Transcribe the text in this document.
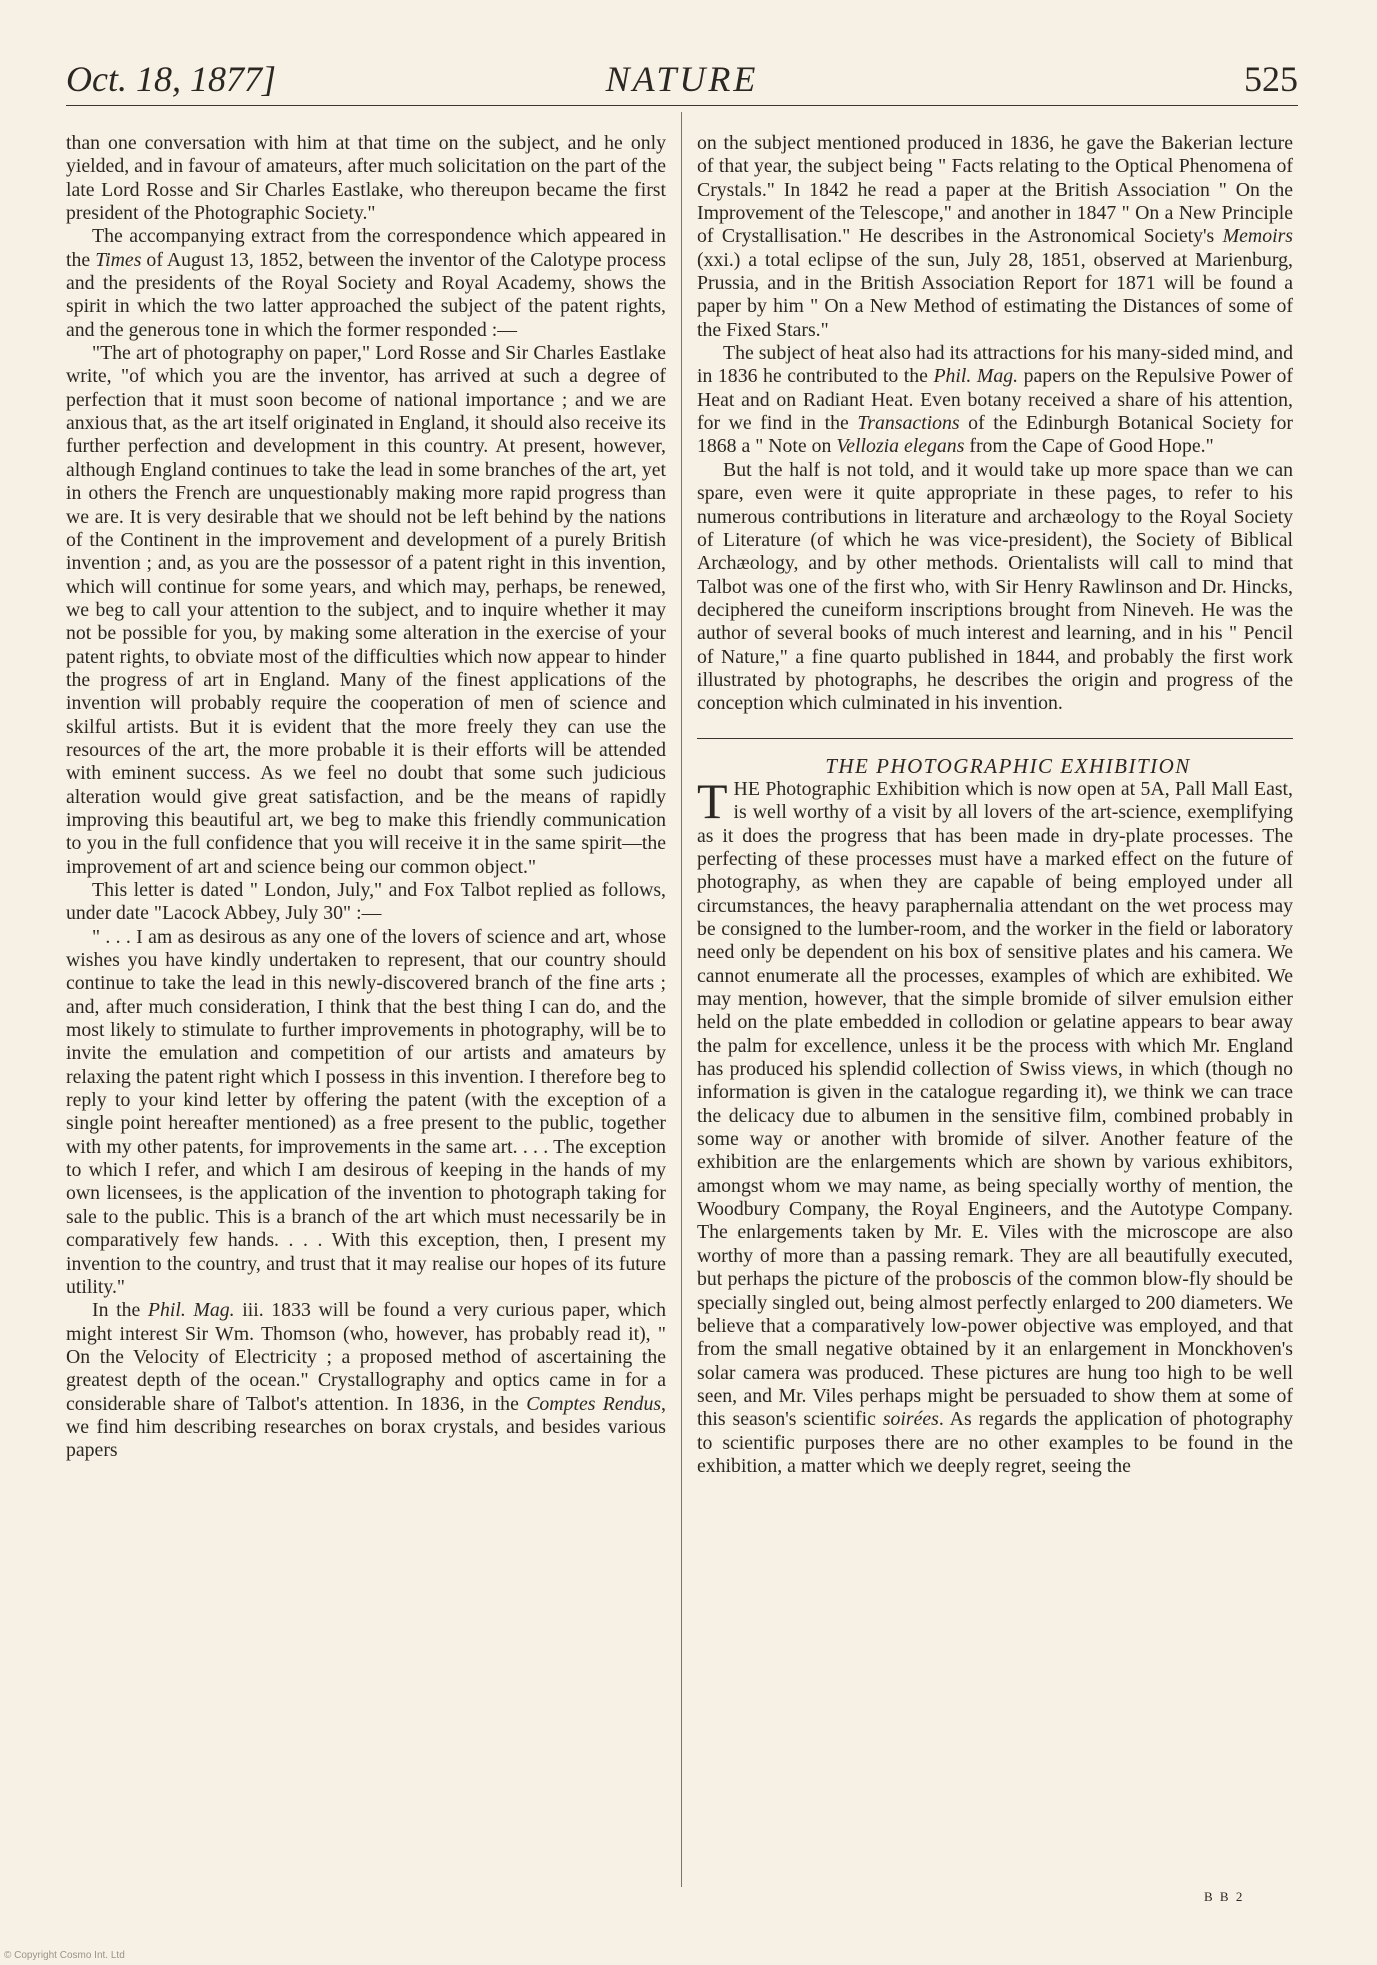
Oct. 18, 1877]	NATURE	525

than one conversation with him at that time on the subject, and he only yielded, and in favour of amateurs, after much solicitation on the part of the late Lord Rosse and Sir Charles Eastlake, who thereupon became the first president of the Photographic Society."

The accompanying extract from the correspondence which appeared in the Times of August 13, 1852, between the inventor of the Calotype process and the presidents of the Royal Society and Royal Academy, shows the spirit in which the two latter approached the subject of the patent rights, and the generous tone in which the former responded :—

"The art of photography on paper," Lord Rosse and Sir Charles Eastlake write, "of which you are the inventor, has arrived at such a degree of perfection that it must soon become of national importance ; and we are anxious that, as the art itself originated in England, it should also receive its further perfection and development in this country. At present, however, although England continues to take the lead in some branches of the art, yet in others the French are unquestionably making more rapid progress than we are. It is very desirable that we should not be left behind by the nations of the Continent in the improvement and development of a purely British invention ; and, as you are the possessor of a patent right in this invention, which will continue for some years, and which may, perhaps, be renewed, we beg to call your attention to the subject, and to inquire whether it may not be possible for you, by making some alteration in the exercise of your patent rights, to obviate most of the difficulties which now appear to hinder the progress of art in England. Many of the finest applications of the invention will probably require the cooperation of men of science and skilful artists. But it is evident that the more freely they can use the resources of the art, the more probable it is their efforts will be attended with eminent success. As we feel no doubt that some such judicious alteration would give great satisfaction, and be the means of rapidly improving this beautiful art, we beg to make this friendly communication to you in the full confidence that you will receive it in the same spirit—the improvement of art and science being our common object."

This letter is dated " London, July," and Fox Talbot replied as follows, under date "Lacock Abbey, July 30" :—

" . . . I am as desirous as any one of the lovers of science and art, whose wishes you have kindly undertaken to represent, that our country should continue to take the lead in this newly-discovered branch of the fine arts ; and, after much consideration, I think that the best thing I can do, and the most likely to stimulate to further improvements in photography, will be to invite the emulation and competition of our artists and amateurs by relaxing the patent right which I possess in this invention. I therefore beg to reply to your kind letter by offering the patent (with the exception of a single point hereafter mentioned) as a free present to the public, together with my other patents, for improvements in the same art. . . . The exception to which I refer, and which I am desirous of keeping in the hands of my own licensees, is the application of the invention to photograph taking for sale to the public. This is a branch of the art which must necessarily be in comparatively few hands. . . . With this exception, then, I present my invention to the country, and trust that it may realise our hopes of its future utility."

In the Phil. Mag. iii. 1833 will be found a very curious paper, which might interest Sir Wm. Thomson (who, however, has probably read it), " On the Velocity of Electricity ; a proposed method of ascertaining the greatest depth of the ocean." Crystallography and optics came in for a considerable share of Talbot's attention. In 1836, in the Comptes Rendus, we find him describing researches on borax crystals, and besides various papers

on the subject mentioned produced in 1836, he gave the Bakerian lecture of that year, the subject being " Facts relating to the Optical Phenomena of Crystals." In 1842 he read a paper at the British Association " On the Improvement of the Telescope," and another in 1847 " On a New Principle of Crystallisation." He describes in the Astronomical Society's Memoirs (xxi.) a total eclipse of the sun, July 28, 1851, observed at Marienburg, Prussia, and in the British Association Report for 1871 will be found a paper by him " On a New Method of estimating the Distances of some of the Fixed Stars."

The subject of heat also had its attractions for his many-sided mind, and in 1836 he contributed to the Phil. Mag. papers on the Repulsive Power of Heat and on Radiant Heat. Even botany received a share of his attention, for we find in the Transactions of the Edinburgh Botanical Society for 1868 a " Note on Vellozia elegans from the Cape of Good Hope."

But the half is not told, and it would take up more space than we can spare, even were it quite appropriate in these pages, to refer to his numerous contributions in literature and archæology to the Royal Society of Literature (of which he was vice-president), the Society of Biblical Archæology, and by other methods. Orientalists will call to mind that Talbot was one of the first who, with Sir Henry Rawlinson and Dr. Hincks, deciphered the cuneiform inscriptions brought from Nineveh. He was the author of several books of much interest and learning, and in his " Pencil of Nature," a fine quarto published in 1844, and probably the first work illustrated by photographs, he describes the origin and progress of the conception which culminated in his invention.

THE PHOTOGRAPHIC EXHIBITION

THE Photographic Exhibition which is now open at 5A, Pall Mall East, is well worthy of a visit by all lovers of the art-science, exemplifying as it does the progress that has been made in dry-plate processes. The perfecting of these processes must have a marked effect on the future of photography, as when they are capable of being employed under all circumstances, the heavy paraphernalia attendant on the wet process may be consigned to the lumber-room, and the worker in the field or laboratory need only be dependent on his box of sensitive plates and his camera. We cannot enumerate all the processes, examples of which are exhibited. We may mention, however, that the simple bromide of silver emulsion either held on the plate embedded in collodion or gelatine appears to bear away the palm for excellence, unless it be the process with which Mr. England has produced his splendid collection of Swiss views, in which (though no information is given in the catalogue regarding it), we think we can trace the delicacy due to albumen in the sensitive film, combined probably in some way or another with bromide of silver. Another feature of the exhibition are the enlargements which are shown by various exhibitors, amongst whom we may name, as being specially worthy of mention, the Woodbury Company, the Royal Engineers, and the Autotype Company. The enlargements taken by Mr. E. Viles with the microscope are also worthy of more than a passing remark. They are all beautifully executed, but perhaps the picture of the proboscis of the common blow-fly should be specially singled out, being almost perfectly enlarged to 200 diameters. We believe that a comparatively low-power objective was employed, and that from the small negative obtained by it an enlargement in Monckhoven's solar camera was produced. These pictures are hung too high to be well seen, and Mr. Viles perhaps might be persuaded to show them at some of this season's scientific soirées. As regards the application of photography to scientific purposes there are no other examples to be found in the exhibition, a matter which we deeply regret, seeing the

B B 2
© Copyright Cosmo Int. Ltd
